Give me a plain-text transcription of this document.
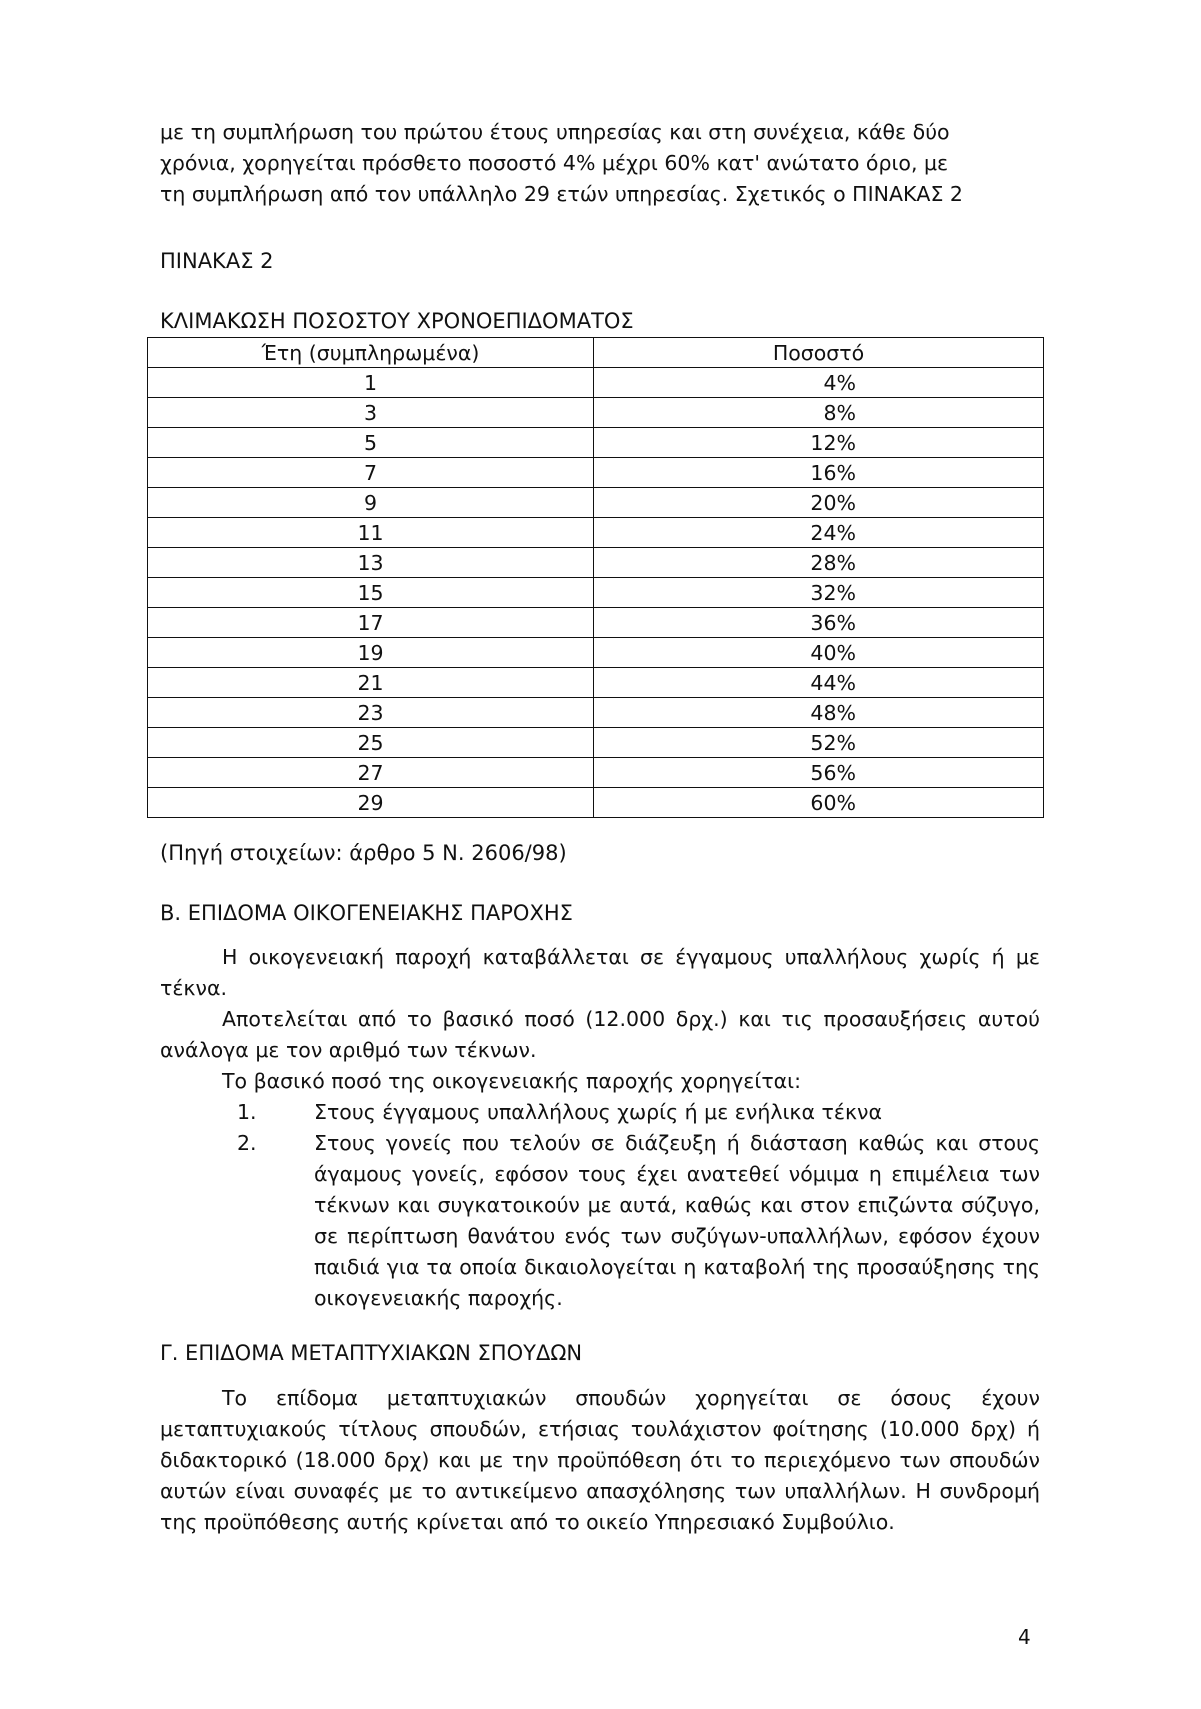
με τη συμπλήρωση του πρώτου έτους υπηρεσίας και στη συνέχεια, κάθε δύο

χρόνια, χορηγείται πρόσθετο ποσοστό 4% μέχρι 60% κατ' ανώτατο όριο, με

τη συμπλήρωση από τον υπάλληλο 29 ετών υπηρεσίας. Σχετικός ο ΠΙΝΑΚΑΣ 2

ΠΙΝΑΚΑΣ 2
ΚΛΙΜΑΚΩΣΗ ΠΟΣΟΣΤΟΥ ΧΡΟΝΟΕΠΙΔΟΜΑΤΟΣ
Έτη (συμπληρωμένα)	Ποσοστό
1	4%
3	8%
5	12%
7	16%
9	20%
11	24%
13	28%
15	32%
17	36%
19	40%
21	44%
23	48%
25	52%
27	56%
29	60%
(Πηγή στοιχείων: άρθρο 5 Ν. 2606/98)
Β. ΕΠΙΔΟΜΑ ΟΙΚΟΓΕΝΕΙΑΚΗΣ ΠΑΡΟΧΗΣ
Η οικογενειακή παροχή καταβάλλεται σε έγγαμους υπαλλήλους χωρίς ή με τέκνα.
Αποτελείται από το βασικό ποσό (12.000 δρχ.) και τις προσαυξήσεις αυτού ανάλογα με τον αριθμό των τέκνων.
Το βασικό ποσό της οικογενειακής παροχής χορηγείται:
1.	Στους έγγαμους υπαλλήλους χωρίς ή με ενήλικα τέκνα
2.	Στους γονείς που τελούν σε διάζευξη ή διάσταση καθώς και στους άγαμους γονείς, εφόσον τους έχει ανατεθεί νόμιμα η επιμέλεια των τέκνων και συγκατοικούν με αυτά, καθώς και στον επιζώντα σύζυγο, σε περίπτωση θανάτου ενός των συζύγων-υπαλλήλων, εφόσον έχουν παιδιά για τα οποία δικαιολογείται η καταβολή της προσαύξησης της οικογενειακής παροχής.
Γ. ΕΠΙΔΟΜΑ ΜΕΤΑΠΤΥΧΙΑΚΩΝ ΣΠΟΥΔΩΝ
Το επίδομα μεταπτυχιακών σπουδών χορηγείται σε όσους έχουν μεταπτυχιακούς τίτλους σπουδών, ετήσιας τουλάχιστον φοίτησης (10.000 δρχ) ή διδακτορικό (18.000 δρχ) και με την προϋπόθεση ότι το περιεχόμενο των σπουδών αυτών είναι συναφές με το αντικείμενο απασχόλησης των υπαλλήλων. Η συνδρομή της προϋπόθεσης αυτής κρίνεται από το οικείο Υπηρεσιακό Συμβούλιο.
4
